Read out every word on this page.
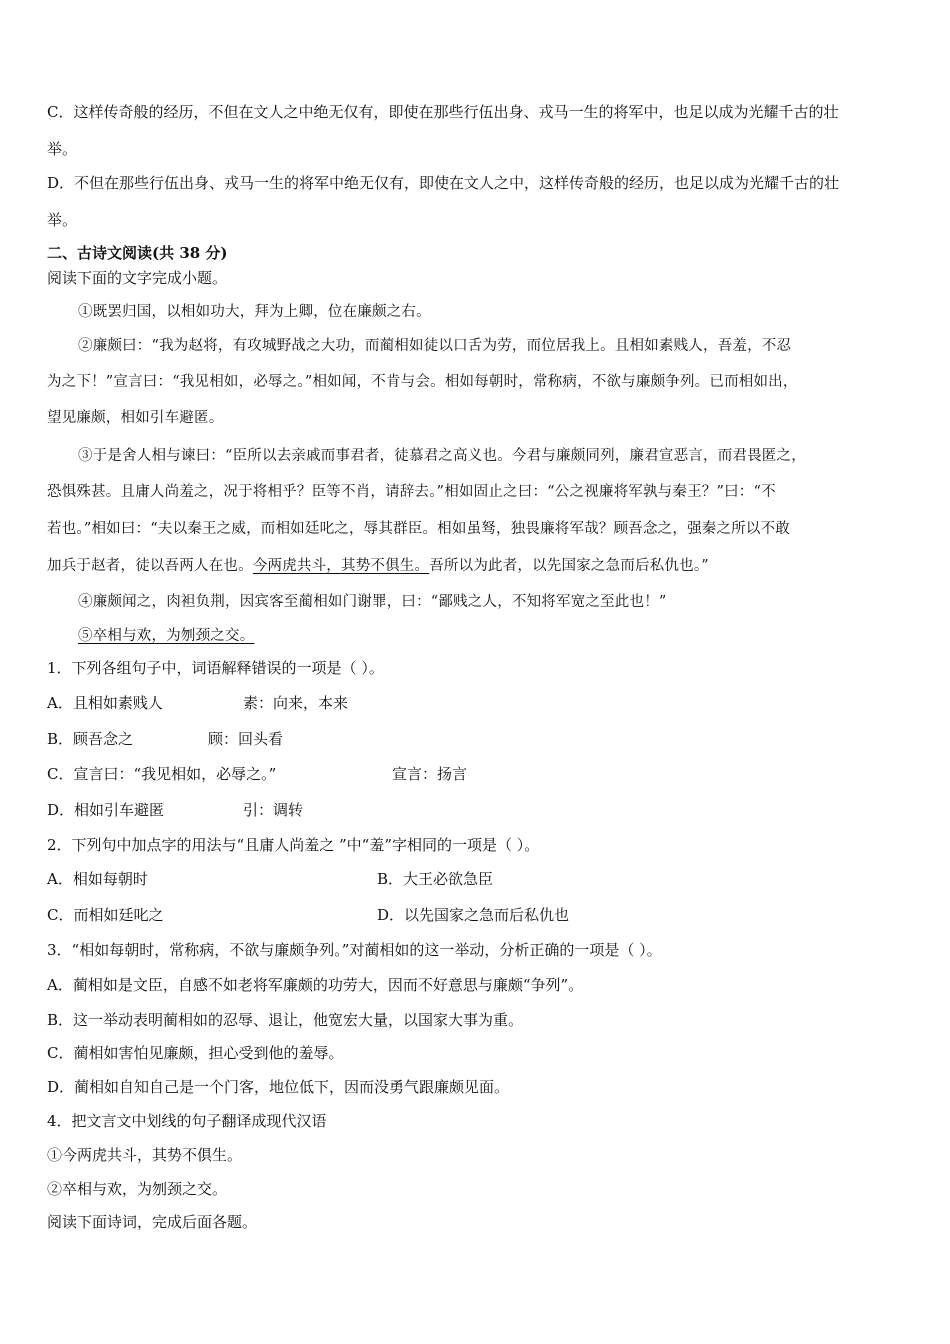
C．这样传奇般的经历，不但在文人之中绝无仅有，即使在那些行伍出身、戎马一生的将军中，也足以成为光耀千古的壮
举。
D．不但在那些行伍出身、戎马一生的将军中绝无仅有，即使在文人之中，这样传奇般的经历，也足以成为光耀千古的壮
举。
二、古诗文阅读(共 38 分)
阅读下面的文字完成小题。
①既罢归国，以相如功大，拜为上卿，位在廉颇之右。
②廉颇曰：“我为赵将，有攻城野战之大功，而蔺相如徒以口舌为劳，而位居我上。且相如素贱人，吾羞，不忍
为之下！”宣言曰：“我见相如，必辱之。”相如闻，不肯与会。相如每朝时，常称病，不欲与廉颇争列。已而相如出，
望见廉颇，相如引车避匿。
③于是舍人相与谏曰：“臣所以去亲戚而事君者，徒慕君之高义也。今君与廉颇同列，廉君宣恶言，而君畏匿之，
恐惧殊甚。且庸人尚羞之，况于将相乎？臣等不肖，请辞去。”相如固止之曰：“公之视廉将军孰与秦王？”曰：“不
若也。”相如曰：“夫以秦王之威，而相如廷叱之，辱其群臣。相如虽驽，独畏廉将军哉？顾吾念之，强秦之所以不敢
加兵于赵者，徒以吾两人在也。今两虎共斗，其势不俱生。吾所以为此者，以先国家之急而后私仇也。”
④廉颇闻之，肉袒负荆，因宾客至蔺相如门谢罪，曰：“鄙贱之人，不知将军宽之至此也！”
⑤卒相与欢，为刎颈之交。
1．下列各组句子中，词语解释错误的一项是（ ）。
A．且相如素贱人	素：向来，本来
B．顾吾念之	顾：回头看
C．宣言曰：“我见相如，必辱之。”	宣言：扬言
D．相如引车避匿	引：调转
2．下列句中加点字的用法与“且庸人尚羞之 ”中“羞”字相同的一项是（ ）。
A．相如每朝时	B．大王必欲急臣
C．而相如廷叱之	D．以先国家之急而后私仇也
3．“相如每朝时，常称病，不欲与廉颇争列。”对蔺相如的这一举动，分析正确的一项是（ ）。
A．蔺相如是文臣，自感不如老将军廉颇的功劳大，因而不好意思与廉颇“争列”。
B．这一举动表明蔺相如的忍辱、退让，他宽宏大量，以国家大事为重。
C．蔺相如害怕见廉颇，担心受到他的羞辱。
D．蔺相如自知自己是一个门客，地位低下，因而没勇气跟廉颇见面。
4．把文言文中划线的句子翻译成现代汉语
①今两虎共斗，其势不俱生。
②卒相与欢，为刎颈之交。
阅读下面诗词，完成后面各题。
